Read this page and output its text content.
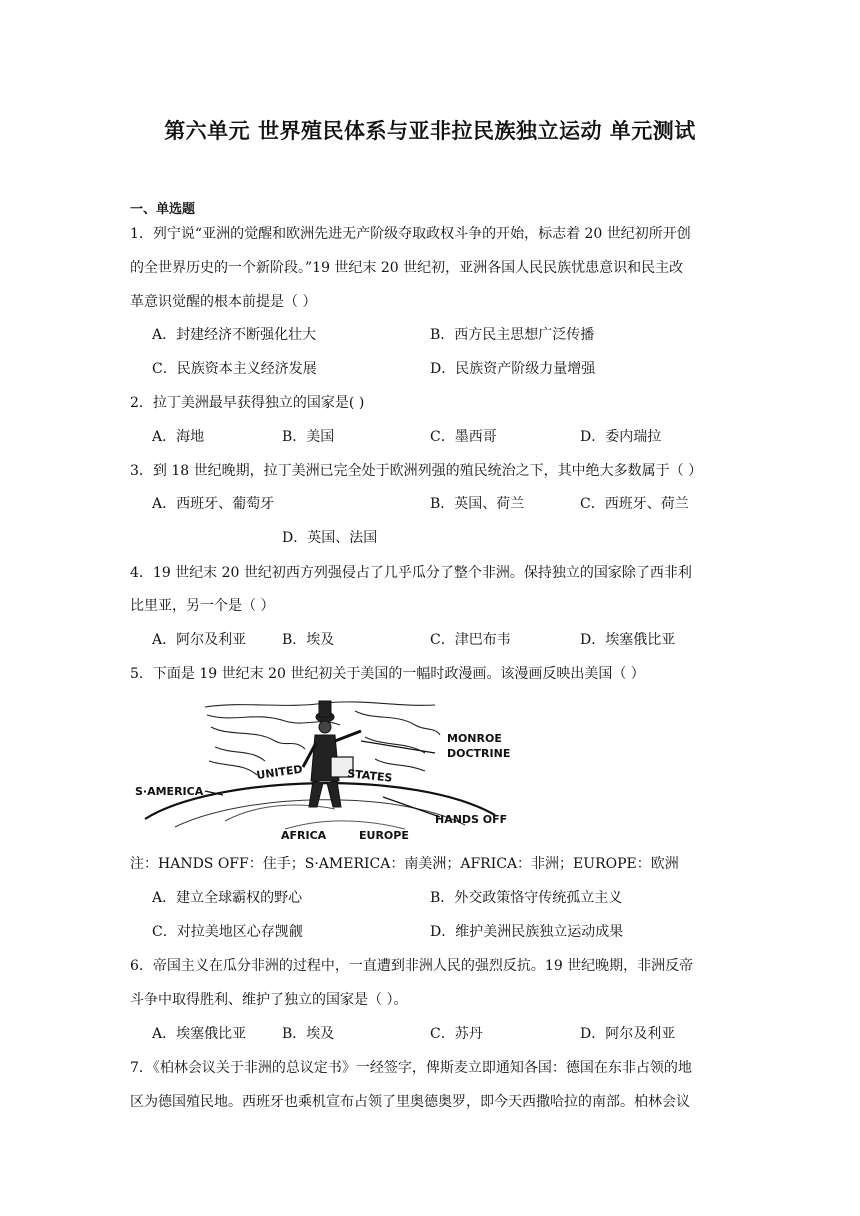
第六单元 世界殖民体系与亚非拉民族独立运动 单元测试
一、单选题
1．列宁说“亚洲的觉醒和欧洲先进无产阶级夺取政权斗争的开始，标志着 20 世纪初所开创
的全世界历史的一个新阶段。”19 世纪末 20 世纪初，亚洲各国人民民族忧患意识和民主改
革意识觉醒的根本前提是（ ）
A．封建经济不断强化壮大	B．西方民主思想广泛传播
C．民族资本主义经济发展	D．民族资产阶级力量增强
2．拉丁美洲最早获得独立的国家是( )
A．海地	B．美国	C．墨西哥	D．委内瑞拉
3．到 18 世纪晚期，拉丁美洲已完全处于欧洲列强的殖民统治之下，其中绝大多数属于（ ）
A．西班牙、葡萄牙	B．英国、荷兰	C．西班牙、荷兰
D．英国、法国
4．19 世纪末 20 世纪初西方列强侵占了几乎瓜分了整个非洲。保持独立的国家除了西非利
比里亚，另一个是（ ）
A．阿尔及利亚	B．埃及	C．津巴布韦	D．埃塞俄比亚
5．下面是 19 世纪末 20 世纪初关于美国的一幅时政漫画。该漫画反映出美国（ ）
MONROE
DOCTRINE
UNITED	STATES
S·AMERICA
HANDS OFF
AFRICA	EUROPE
注：HANDS OFF：住手；S·AMERICA：南美洲；AFRICA：非洲；EUROPE：欧洲
A．建立全球霸权的野心	B．外交政策恪守传统孤立主义
C．对拉美地区心存觊觎	D．维护美洲民族独立运动成果
6．帝国主义在瓜分非洲的过程中，一直遭到非洲人民的强烈反抗。19 世纪晚期，非洲反帝
斗争中取得胜利、维护了独立的国家是（ ）。
A．埃塞俄比亚	B．埃及	C．苏丹	D．阿尔及利亚
7．《柏林会议关于非洲的总议定书》一经签字，俾斯麦立即通知各国：德国在东非占领的地
区为德国殖民地。西班牙也乘机宣布占领了里奥德奥罗，即今天西撒哈拉的南部。柏林会议
